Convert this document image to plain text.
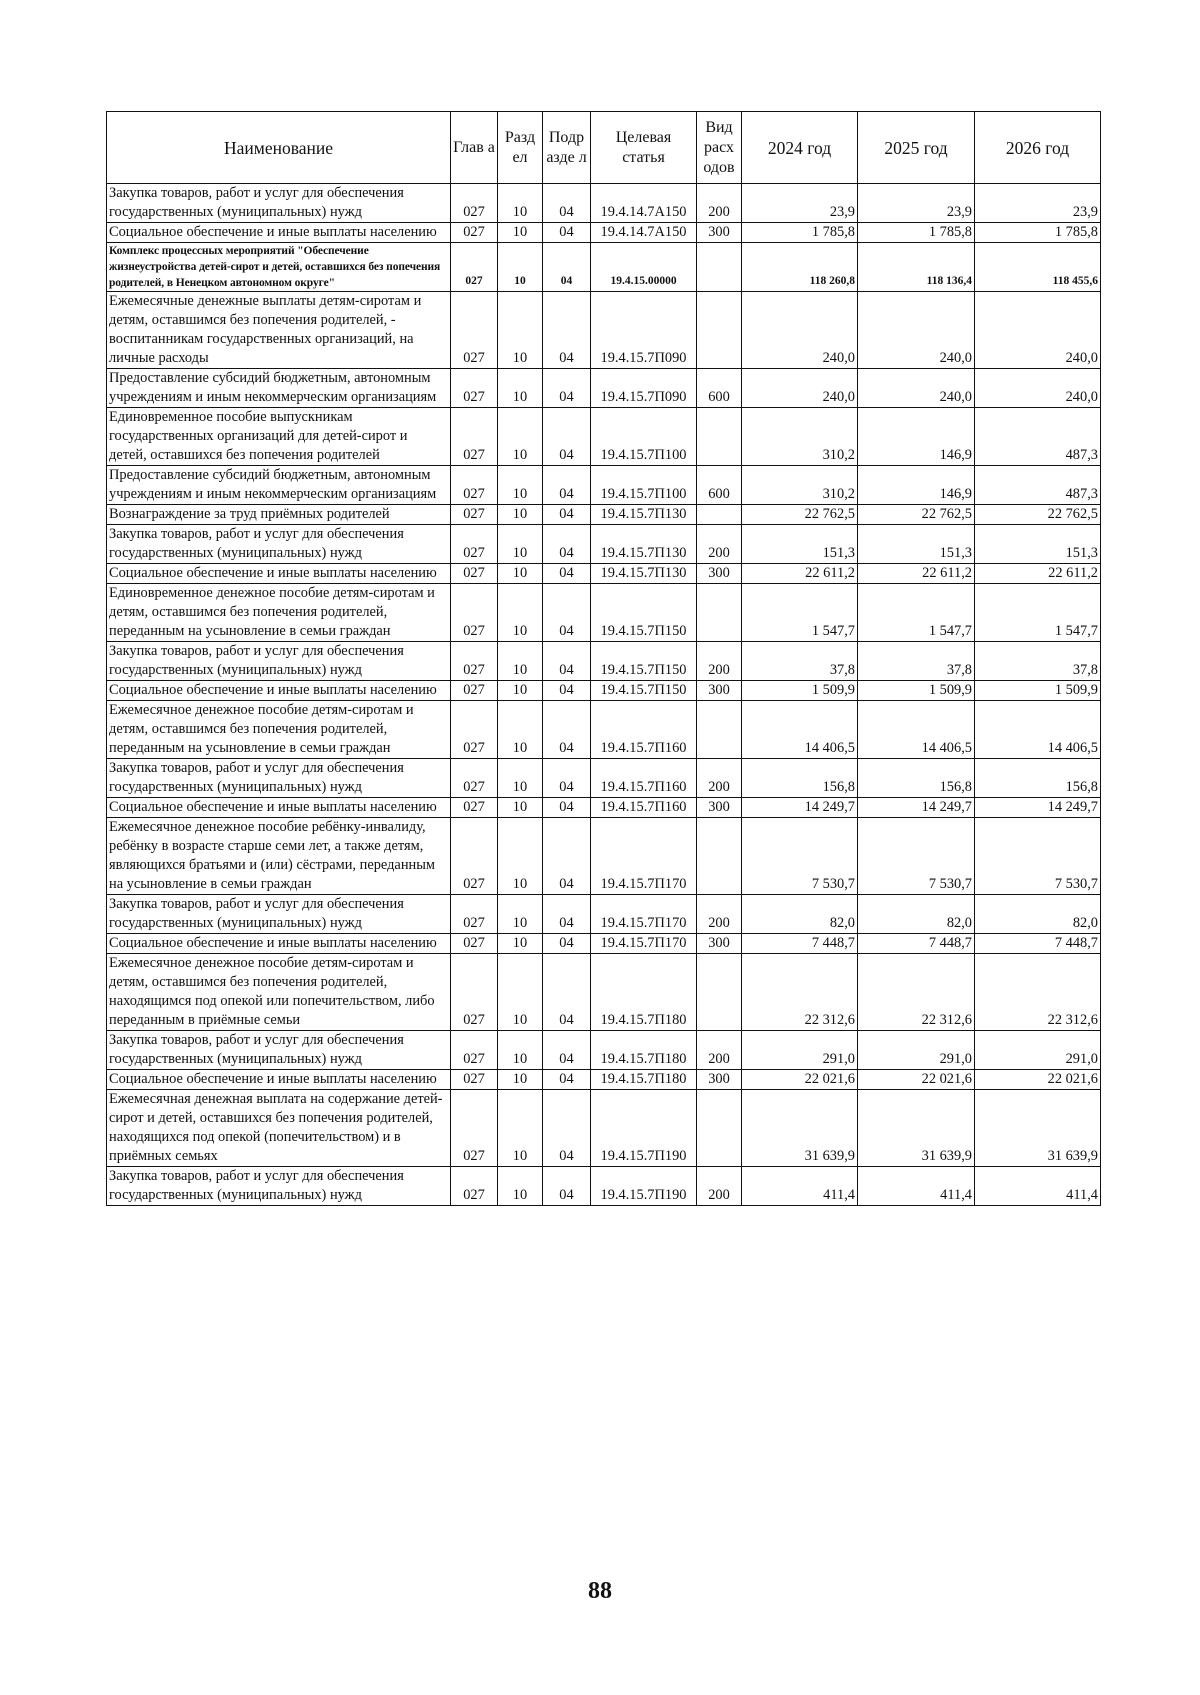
Наименование	Глав а	Разд ел	Подр азде л	Целевая статья	Вид расх одов	2024 год	2025 год	2026 год
Закупка товаров, работ и услуг для обеспечения государственных (муниципальных) нужд	027	10	04	19.4.14.7А150	200	23,9	23,9	23,9
Социальное обеспечение и иные выплаты населению	027	10	04	19.4.14.7А150	300	1 785,8	1 785,8	1 785,8
Комплекс процессных мероприятий "Обеспечение жизнеустройства детей-сирот и детей, оставшихся без попечения родителей, в Ненецком автономном округе"	027	10	04	19.4.15.00000		118 260,8	118 136,4	118 455,6
Ежемесячные денежные выплаты детям-сиротам и детям, оставшимся без попечения родителей, - воспитанникам государственных организаций, на личные расходы	027	10	04	19.4.15.7П090		240,0	240,0	240,0
Предоставление субсидий бюджетным, автономным учреждениям и иным некоммерческим организациям	027	10	04	19.4.15.7П090	600	240,0	240,0	240,0
Единовременное пособие выпускникам государственных организаций для детей-сирот и детей, оставшихся без попечения родителей	027	10	04	19.4.15.7П100		310,2	146,9	487,3
Предоставление субсидий бюджетным, автономным учреждениям и иным некоммерческим организациям	027	10	04	19.4.15.7П100	600	310,2	146,9	487,3
Вознаграждение за труд приёмных родителей	027	10	04	19.4.15.7П130		22 762,5	22 762,5	22 762,5
Закупка товаров, работ и услуг для обеспечения государственных (муниципальных) нужд	027	10	04	19.4.15.7П130	200	151,3	151,3	151,3
Социальное обеспечение и иные выплаты населению	027	10	04	19.4.15.7П130	300	22 611,2	22 611,2	22 611,2
Единовременное денежное пособие детям-сиротам и детям, оставшимся без попечения родителей, переданным на усыновление в семьи граждан	027	10	04	19.4.15.7П150		1 547,7	1 547,7	1 547,7
Закупка товаров, работ и услуг для обеспечения государственных (муниципальных) нужд	027	10	04	19.4.15.7П150	200	37,8	37,8	37,8
Социальное обеспечение и иные выплаты населению	027	10	04	19.4.15.7П150	300	1 509,9	1 509,9	1 509,9
Ежемесячное денежное пособие детям-сиротам и детям, оставшимся без попечения родителей, переданным на усыновление в семьи граждан	027	10	04	19.4.15.7П160		14 406,5	14 406,5	14 406,5
Закупка товаров, работ и услуг для обеспечения государственных (муниципальных) нужд	027	10	04	19.4.15.7П160	200	156,8	156,8	156,8
Социальное обеспечение и иные выплаты населению	027	10	04	19.4.15.7П160	300	14 249,7	14 249,7	14 249,7
Ежемесячное денежное пособие ребёнку-инвалиду, ребёнку в возрасте старше семи лет, а также детям, являющихся братьями и (или) сёстрами, переданным на усыновление в семьи граждан	027	10	04	19.4.15.7П170		7 530,7	7 530,7	7 530,7
Закупка товаров, работ и услуг для обеспечения государственных (муниципальных) нужд	027	10	04	19.4.15.7П170	200	82,0	82,0	82,0
Социальное обеспечение и иные выплаты населению	027	10	04	19.4.15.7П170	300	7 448,7	7 448,7	7 448,7
Ежемесячное денежное пособие детям-сиротам и детям, оставшимся без попечения родителей, находящимся под опекой или попечительством, либо переданным в приёмные семьи	027	10	04	19.4.15.7П180		22 312,6	22 312,6	22 312,6
Закупка товаров, работ и услуг для обеспечения государственных (муниципальных) нужд	027	10	04	19.4.15.7П180	200	291,0	291,0	291,0
Социальное обеспечение и иные выплаты населению	027	10	04	19.4.15.7П180	300	22 021,6	22 021,6	22 021,6
Ежемесячная денежная выплата на содержание детей-сирот и детей, оставшихся без попечения родителей, находящихся под опекой (попечительством) и в приёмных семьях	027	10	04	19.4.15.7П190		31 639,9	31 639,9	31 639,9
Закупка товаров, работ и услуг для обеспечения государственных (муниципальных) нужд	027	10	04	19.4.15.7П190	200	411,4	411,4	411,4
88
